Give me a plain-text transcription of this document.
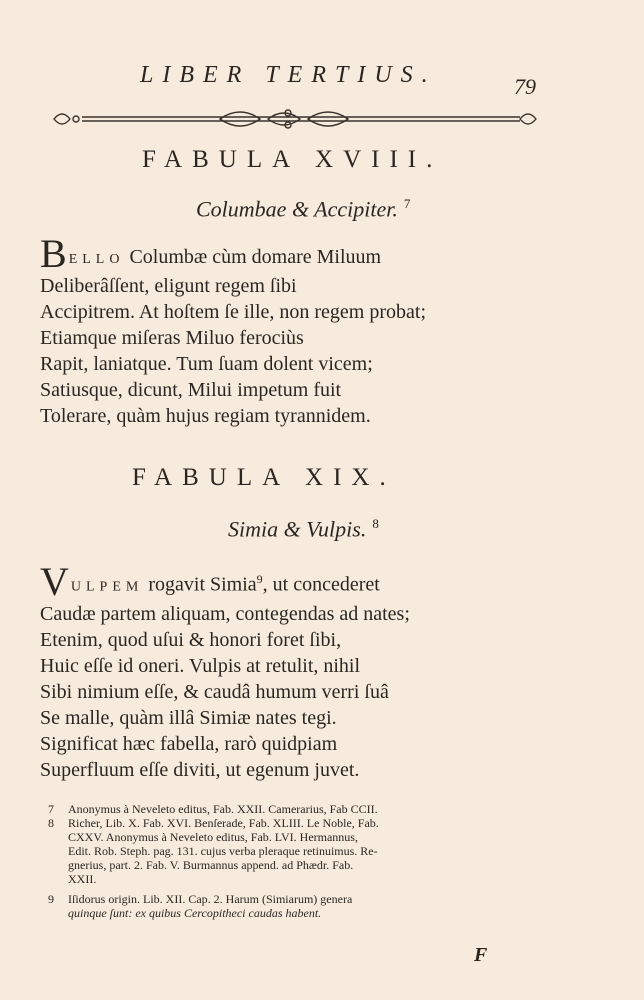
LIBER TERTIUS.	79
FABULA XVIII.
Columbae & Accipiter. $^7$
BELLO Columbæ cùm domare Miluum
Deliberâſſent, eligunt regem ſibi
Accipitrem. At hoſtem ſe ille, non regem probat;
Etiamque miſeras Miluo ferociùs
Rapit, laniatque. Tum ſuam dolent vicem;
Satiusque, dicunt, Milui impetum fuit
Tolerare, quàm hujus regiam tyrannidem.
FABULA XIX.
Simia & Vulpis. $^8$
VULPEM rogavit Simia$^9$, ut concederet
Caudæ partem aliquam, contegendas ad nates;
Etenim, quod uſui & honori foret ſibi,
Huic eſſe id oneri. Vulpis at retulit, nihil
Sibi nimium eſſe, & caudâ humum verri ſuâ
Se malle, quàm illâ Simiæ nates tegi.
Significat hæc fabella, rarò quidpiam
Superfluum eſſe diviti, ut egenum juvet.
7 Anonymus à Neveleto editus, Fab. XXII. Camerarius, Fab CCII.
8 Richer, Lib. X. Fab. XVI. Benſerade, Fab. XLIII. Le Noble, Fab.
CXXV. Anonymus à Neveleto editus, Fab. LVI. Hermannus,
Edit. Rob. Steph. pag. 131. cujus verba pleraque retinuimus. Re-
gnerius, part. 2. Fab. V. Burmannus append. ad Phædr. Fab.
XXII.
9 Iſidorus origin. Lib. XII. Cap. 2. Harum (Simiarum) genera
quinque ſunt: ex quibus Cercopitheci caudas habent.
F
